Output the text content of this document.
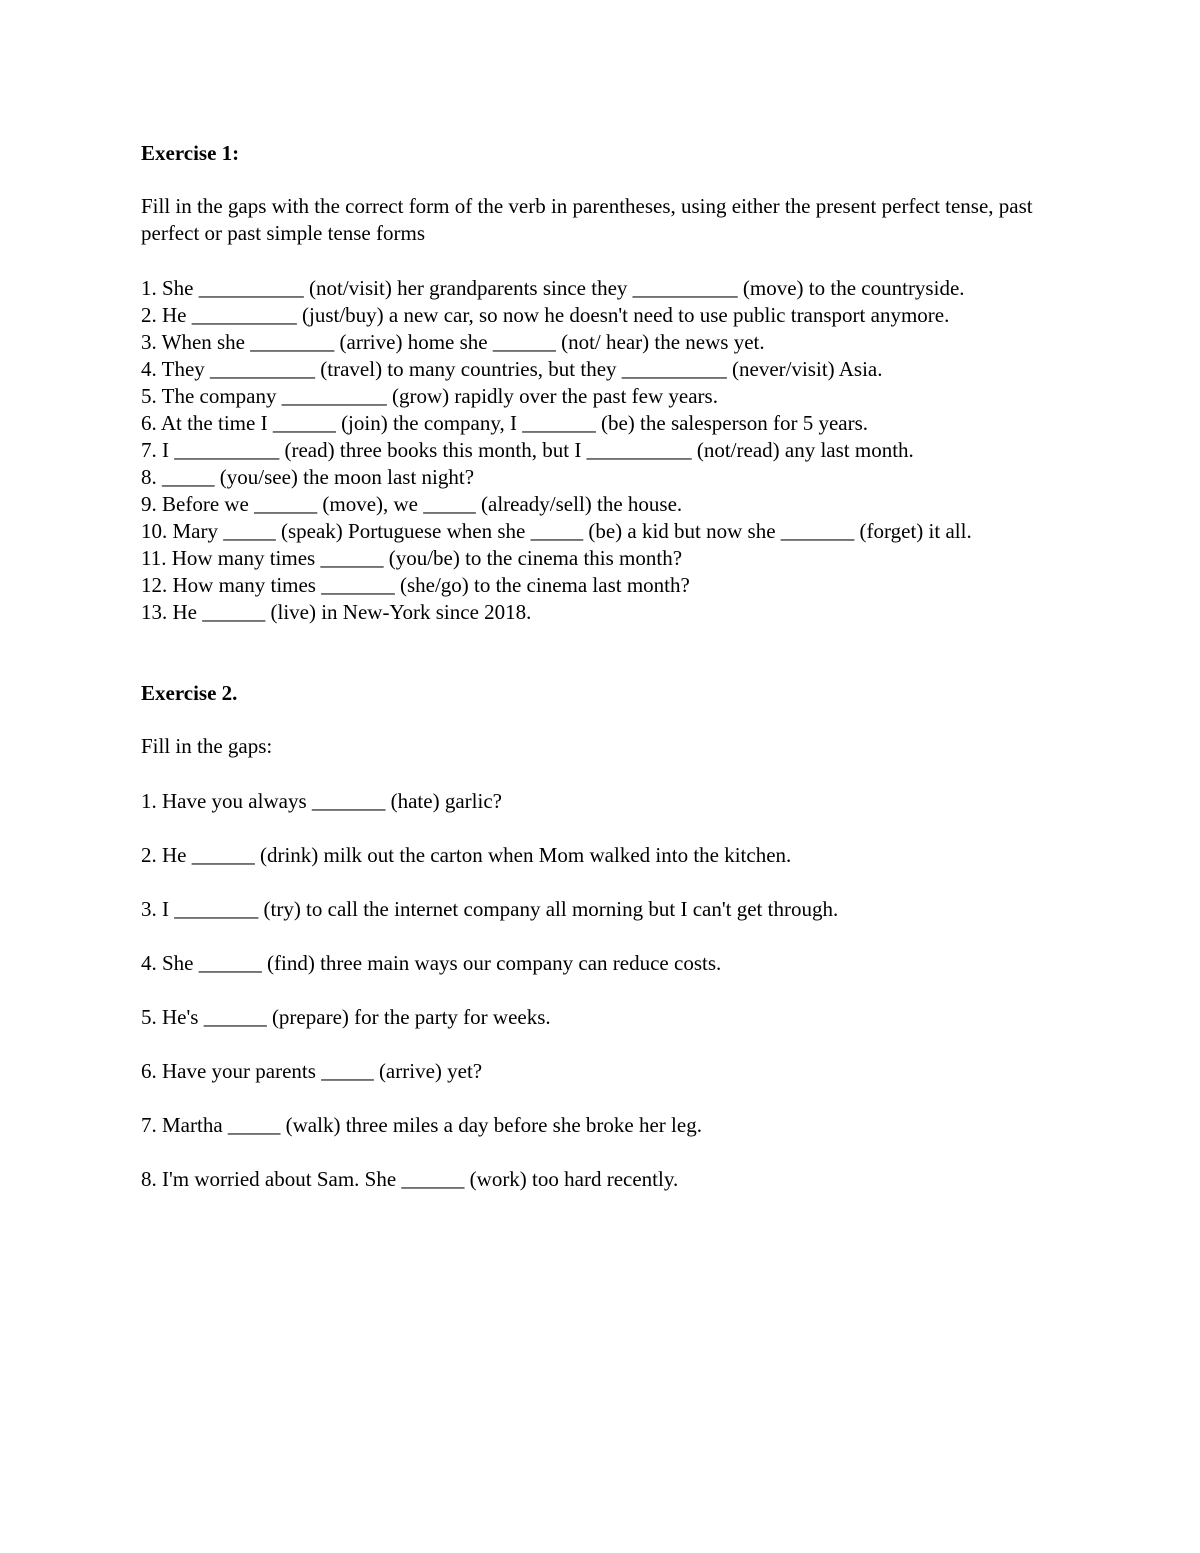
Exercise 1:

Fill in the gaps with the correct form of the verb in parentheses, using either the present perfect tense, past perfect or past simple tense forms

1. She __________ (not/visit) her grandparents since they __________ (move) to the countryside.
2. He __________ (just/buy) a new car, so now he doesn't need to use public transport anymore.
3. When she ________ (arrive) home she ______ (not/ hear) the news yet.
4. They __________ (travel) to many countries, but they __________ (never/visit) Asia.
5. The company __________ (grow) rapidly over the past few years.
6. At the time I ______ (join) the company, I _______ (be) the salesperson for 5 years.
7. I __________ (read) three books this month, but I __________ (not/read) any last month.
8. _____ (you/see) the moon last night?
9. Before we ______ (move), we _____ (already/sell) the house.
10. Mary _____ (speak) Portuguese when she _____ (be) a kid but now she _______ (forget) it all.
11. How many times ______ (you/be) to the cinema this month?
12. How many times _______ (she/go) to the cinema last month?
13. He ______ (live) in New-York since 2018.

Exercise 2.

Fill in the gaps:

1. Have you always _______ (hate) garlic?
2. He ______ (drink) milk out the carton when Mom walked into the kitchen.
3. I ________ (try) to call the internet company all morning but I can't get through.
4. She ______ (find) three main ways our company can reduce costs.
5. He's ______ (prepare) for the party for weeks.
6. Have your parents _____ (arrive) yet?
7. Martha _____ (walk) three miles a day before she broke her leg.
8. I'm worried about Sam. She ______ (work) too hard recently.
